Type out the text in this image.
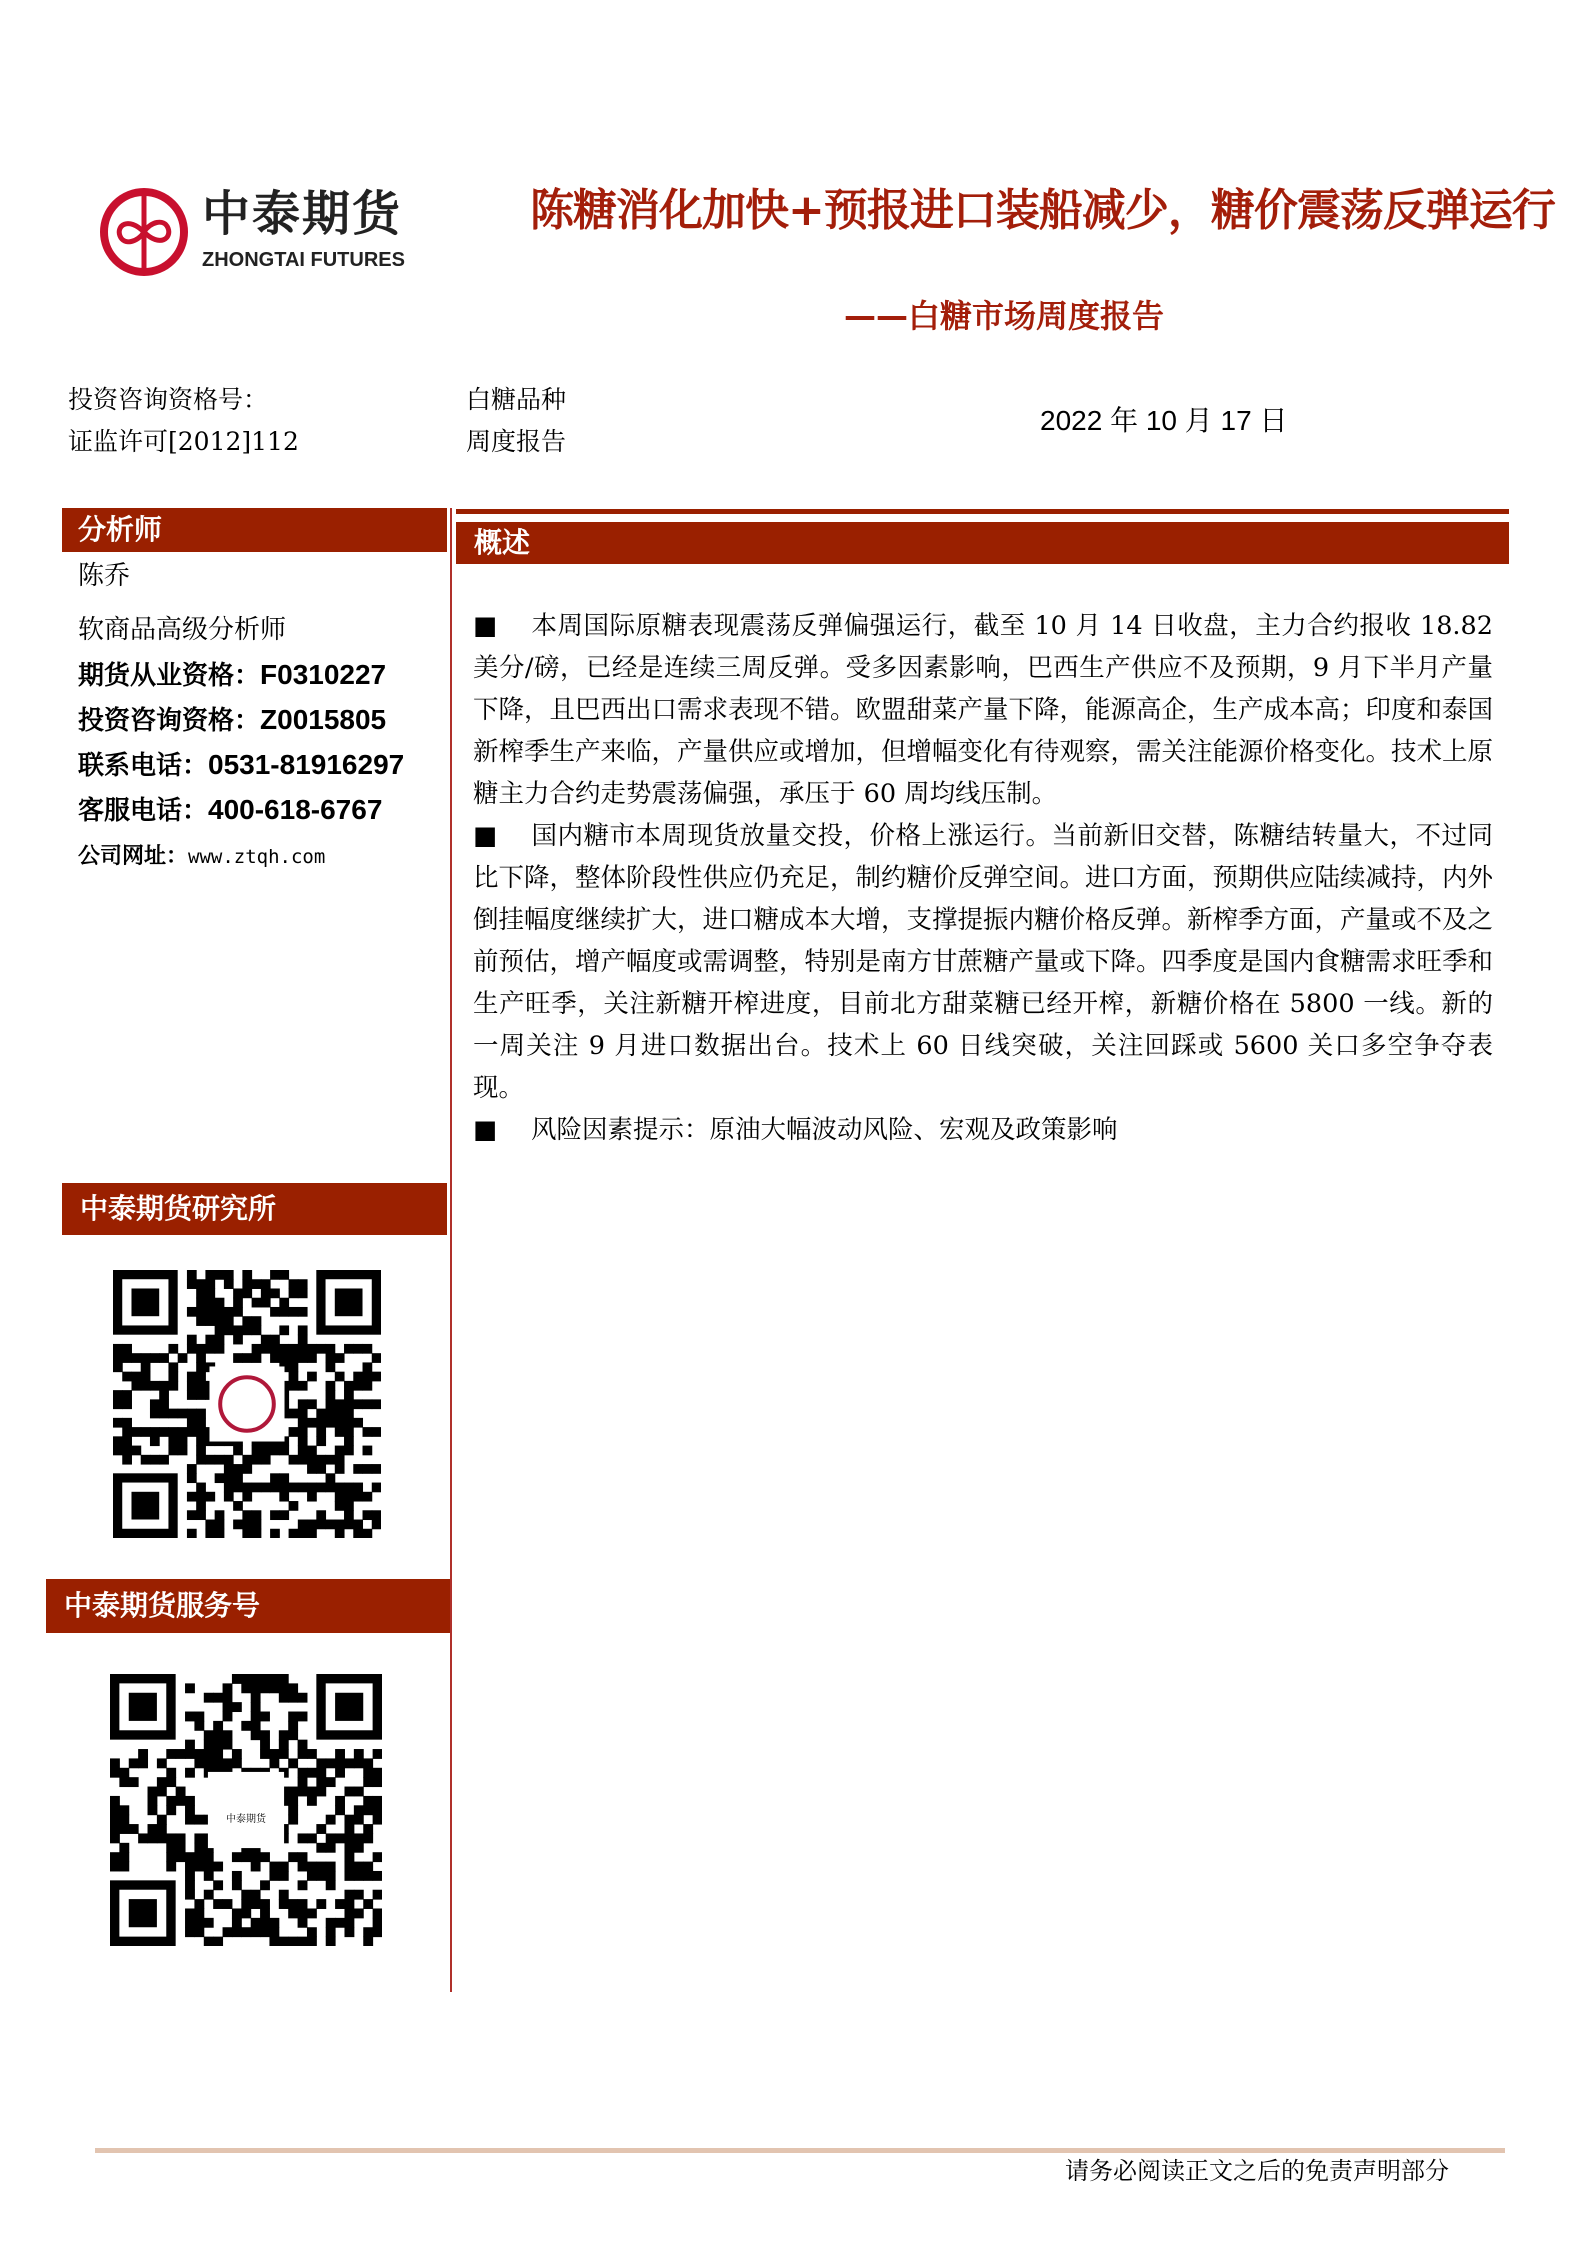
中泰期货
ZHONGTAI FUTURES
陈糖消化加快+预报进口装船减少，糖价震荡反弹运行
——白糖市场周度报告
投资咨询资格号：
证监许可[2012]112
白糖品种
周度报告
2022 年 10 月 17 日
分析师
陈乔
软商品高级分析师
期货从业资格：F0310227
投资咨询资格：Z0015805
联系电话：0531-81916297
客服电话：400-618-6767
公司网址：www.ztqh.com
中泰期货研究所
中泰期货服务号
中泰期货
概述

■ 本周国际原糖表现震荡反弹偏强运行，截至 10 月 14 日收盘，主力合约报收 18.82 美分/磅，已经是连续三周反弹。受多因素影响，巴西生产供应不及预期，9 月下半月产量下降，且巴西出口需求表现不错。欧盟甜菜产量下降，能源高企，生产成本高；印度和泰国新榨季生产来临，产量供应或增加，但增幅变化有待观察，需关注能源价格变化。技术上原糖主力合约走势震荡偏强，承压于 60 周均线压制。

■ 国内糖市本周现货放量交投，价格上涨运行。当前新旧交替，陈糖结转量大，不过同比下降，整体阶段性供应仍充足，制约糖价反弹空间。进口方面，预期供应陆续减持，内外倒挂幅度继续扩大，进口糖成本大增，支撑提振内糖价格反弹。新榨季方面，产量或不及之前预估，增产幅度或需调整，特别是南方甘蔗糖产量或下降。四季度是国内食糖需求旺季和生产旺季，关注新糖开榨进度，目前北方甜菜糖已经开榨，新糖价格在 5800 一线。新的一周关注 9 月进口数据出台。技术上 60 日线突破，关注回踩或 5600 关口多空争夺表现。

■ 风险因素提示：原油大幅波动风险、宏观及政策影响

请务必阅读正文之后的免责声明部分
